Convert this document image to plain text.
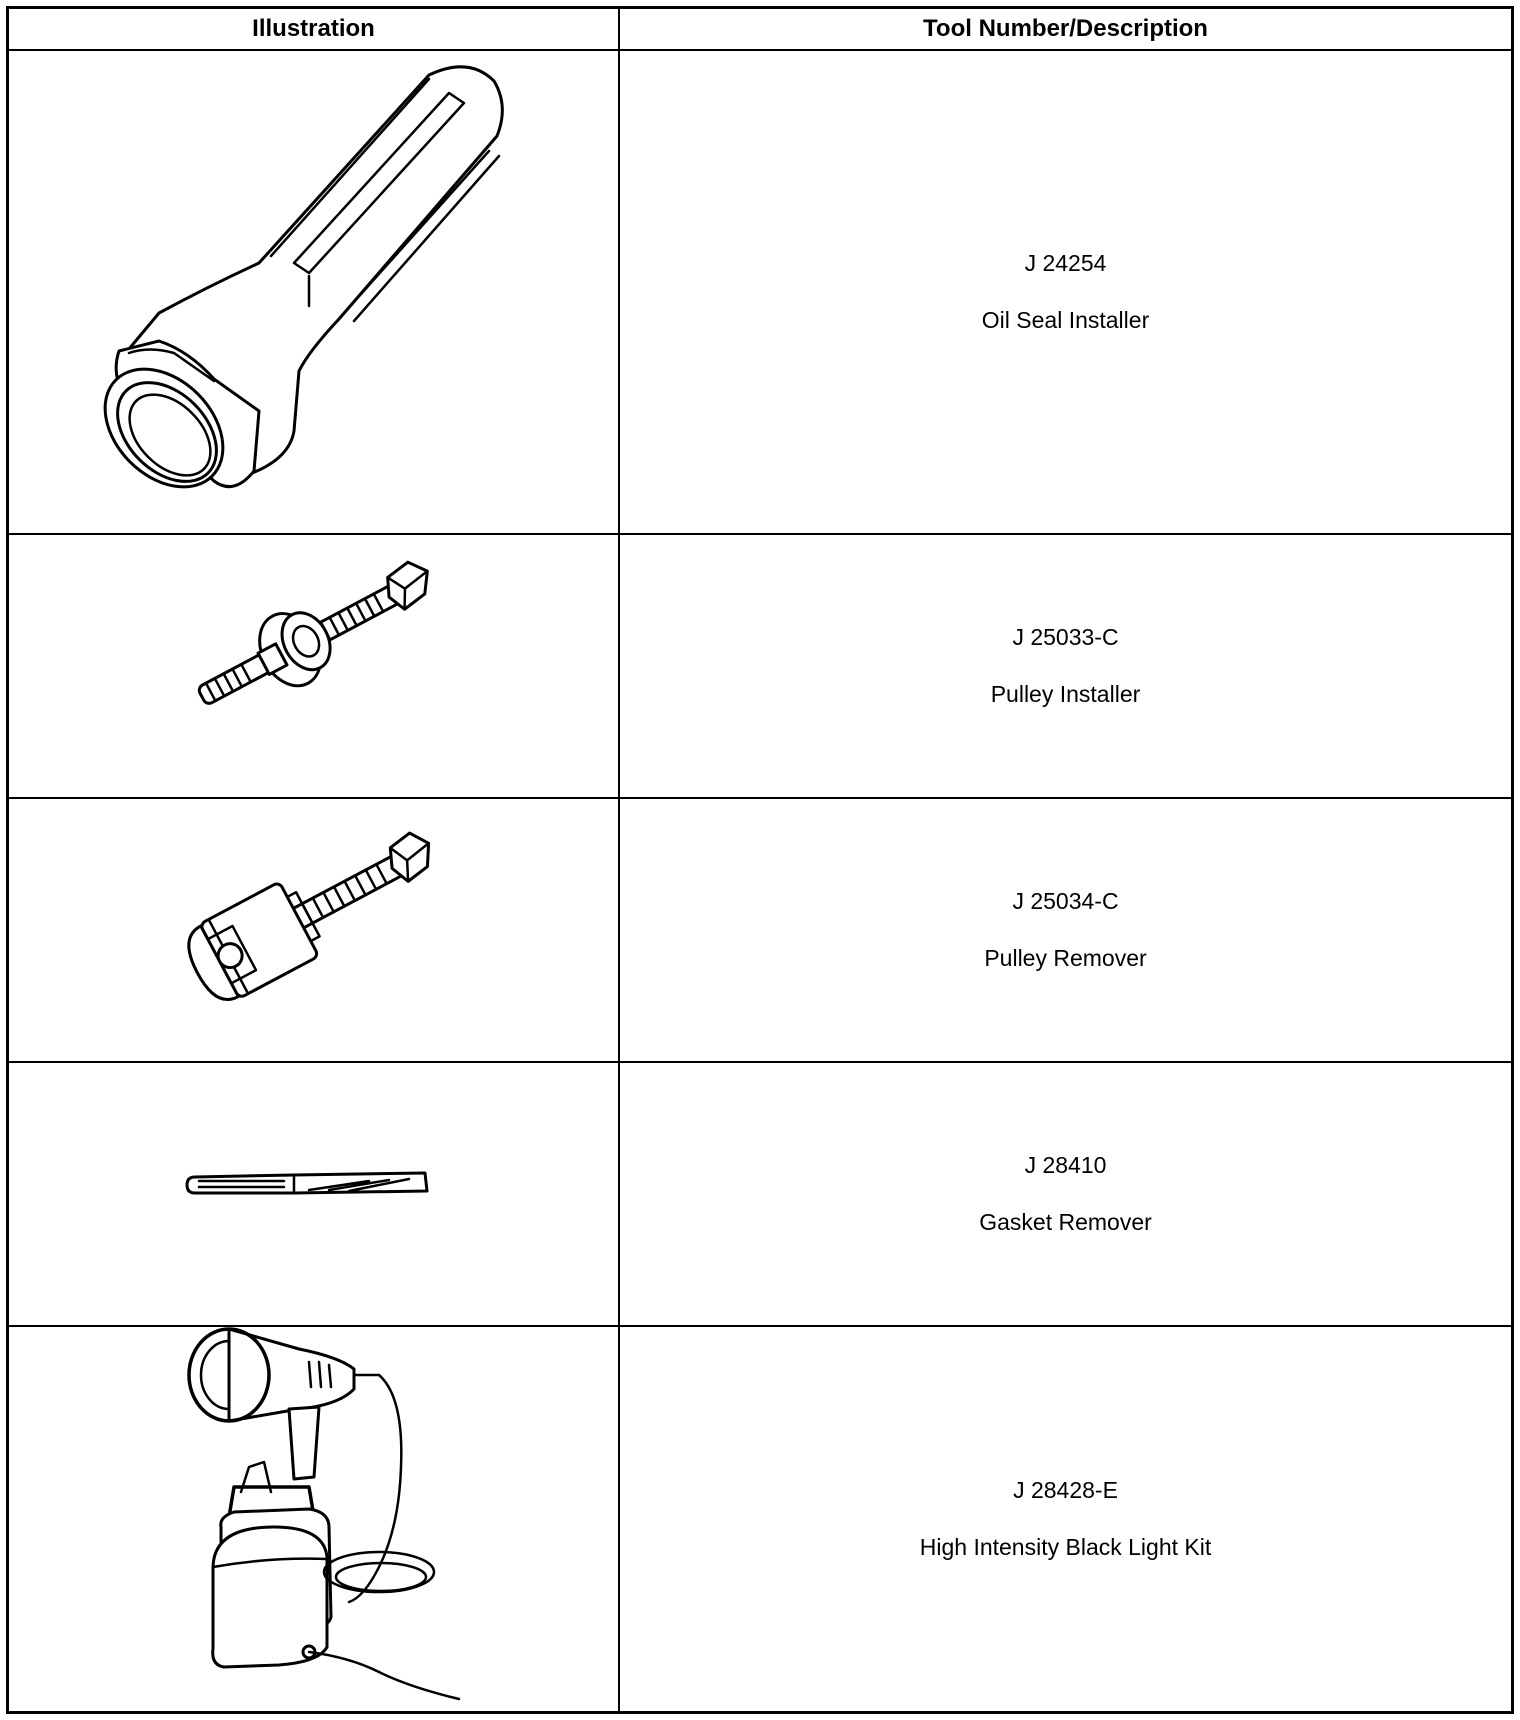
Illustration	Tool Number/Description
J 24254
Oil Seal Installer
J 25033-C
Pulley Installer
J 25034-C
Pulley Remover
J 28410
Gasket Remover
J 28428-E
High Intensity Black Light Kit
